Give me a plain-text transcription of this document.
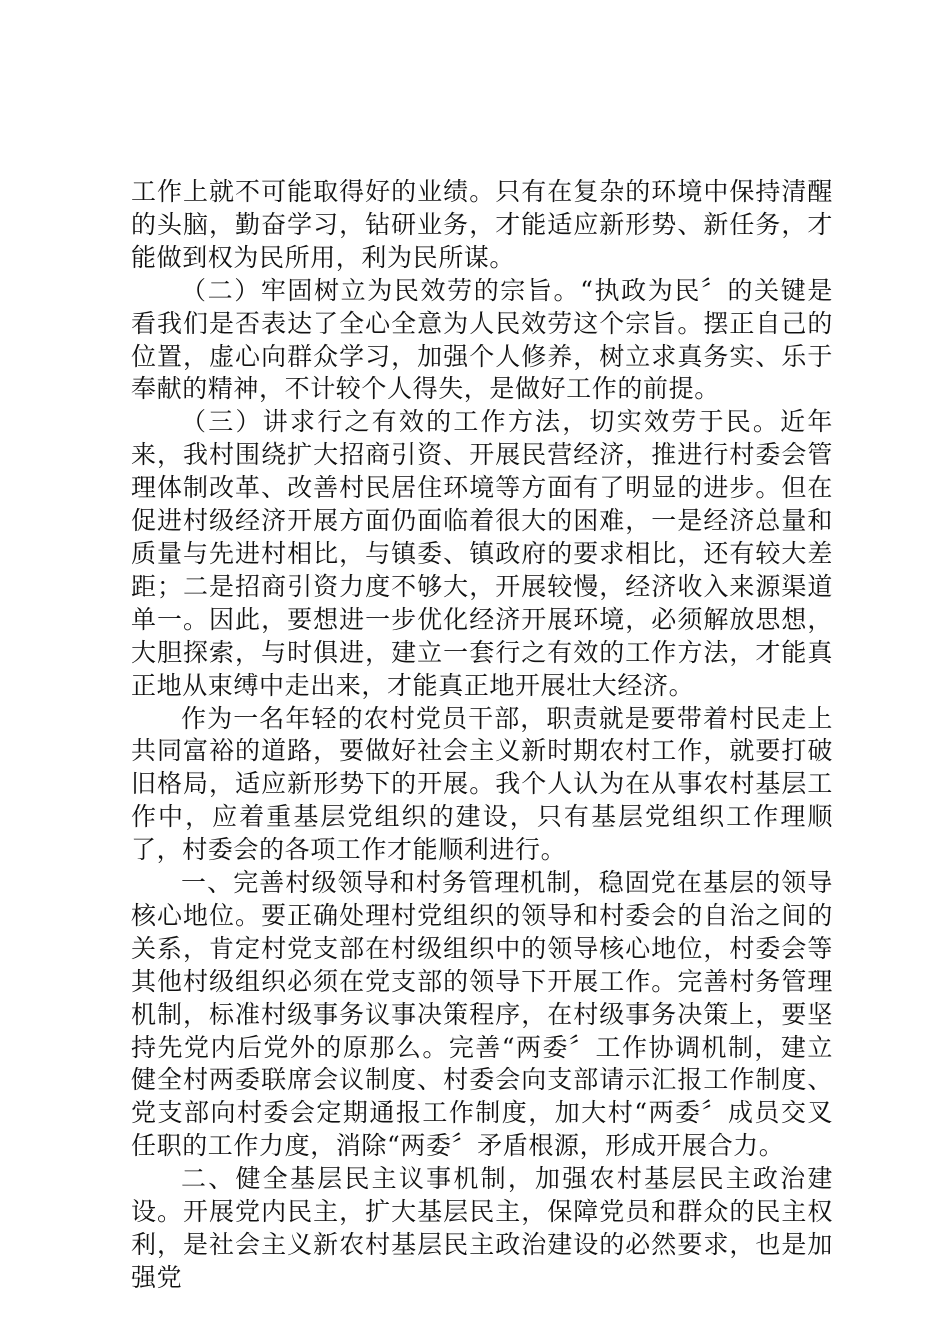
工作上就不可能取得好的业绩。只有在复杂的环境中保持清醒的头脑，勤奋学习，钻研业务，才能适应新形势、新任务，才能做到权为民所用，利为民所谋。

（二）牢固树立为民效劳的宗旨。“执政为民〞的关键是看我们是否表达了全心全意为人民效劳这个宗旨。摆正自己的位置，虚心向群众学习，加强个人修养，树立求真务实、乐于奉献的精神，不计较个人得失，是做好工作的前提。

（三）讲求行之有效的工作方法，切实效劳于民。近年来，我村围绕扩大招商引资、开展民营经济，推进行村委会管理体制改革、改善村民居住环境等方面有了明显的进步。但在促进村级经济开展方面仍面临着很大的困难，一是经济总量和质量与先进村相比，与镇委、镇政府的要求相比，还有较大差距；二是招商引资力度不够大，开展较慢，经济收入来源渠道单一。因此，要想进一步优化经济开展环境，必须解放思想，大胆探索，与时俱进，建立一套行之有效的工作方法，才能真正地从束缚中走出来，才能真正地开展壮大经济。

作为一名年轻的农村党员干部，职责就是要带着村民走上共同富裕的道路，要做好社会主义新时期农村工作，就要打破旧格局，适应新形势下的开展。我个人认为在从事农村基层工作中，应着重基层党组织的建设，只有基层党组织工作理顺了，村委会的各项工作才能顺利进行。

一、完善村级领导和村务管理机制，稳固党在基层的领导核心地位。要正确处理村党组织的领导和村委会的自治之间的关系，肯定村党支部在村级组织中的领导核心地位，村委会等其他村级组织必须在党支部的领导下开展工作。完善村务管理机制，标准村级事务议事决策程序，在村级事务决策上，要坚持先党内后党外的原那么。完善“两委〞工作协调机制，建立健全村两委联席会议制度、村委会向支部请示汇报工作制度、党支部向村委会定期通报工作制度，加大村“两委〞成员交叉任职的工作力度，消除“两委〞矛盾根源，形成开展合力。

二、健全基层民主议事机制，加强农村基层民主政治建设。开展党内民主，扩大基层民主，保障党员和群众的民主权利，是社会主义新农村基层民主政治建设的必然要求，也是加强党
